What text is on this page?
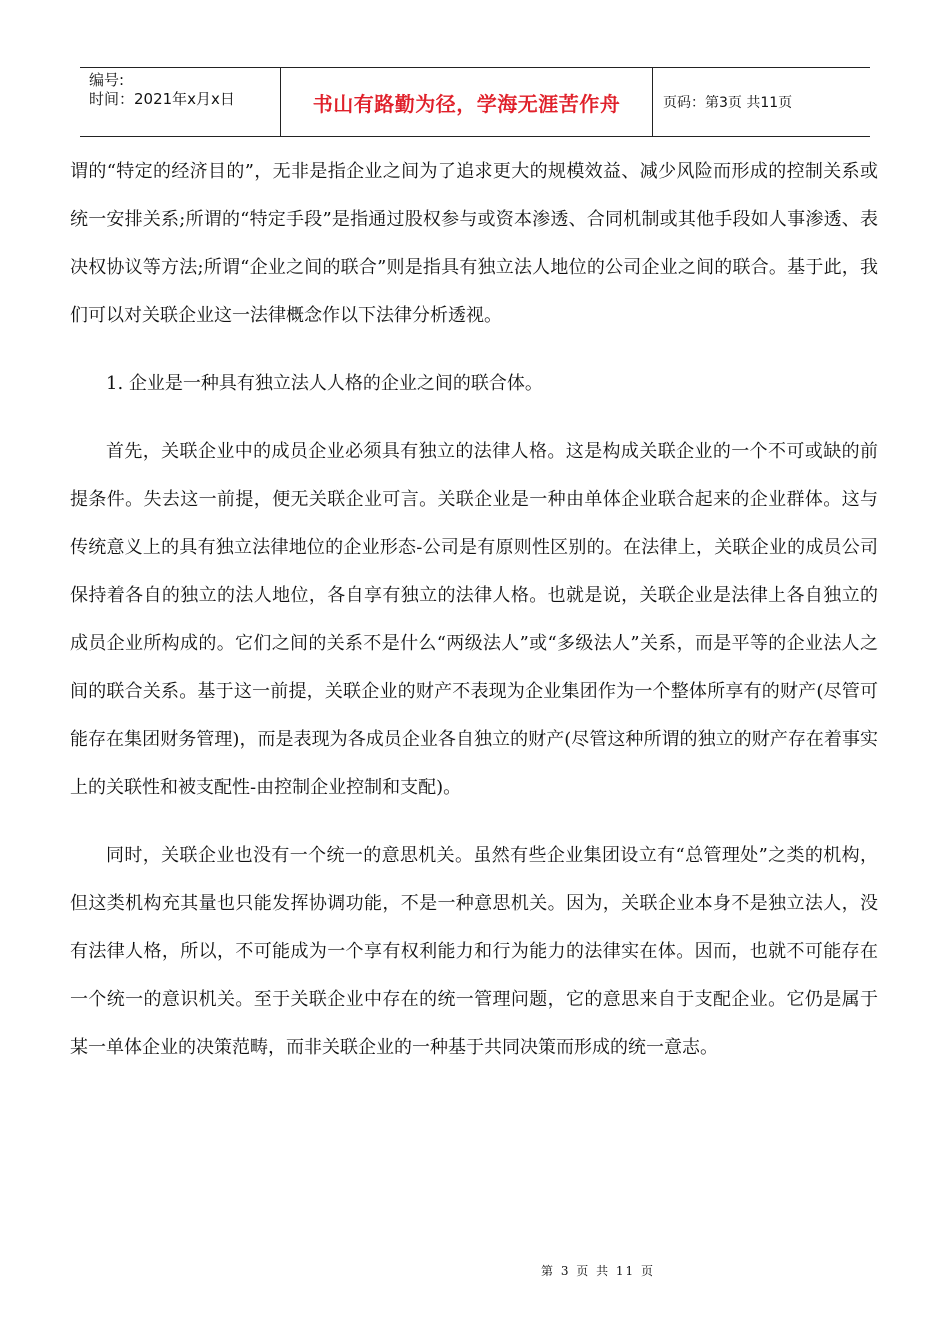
编号:
时间：2021年x月x日	书山有路勤为径，学海无涯苦作舟	页码：第3页 共11页

谓的“特定的经济目的”，无非是指企业之间为了追求更大的规模效益、减少风险而形成的控制关系或统一安排关系;所谓的“特定手段”是指通过股权参与或资本渗透、合同机制或其他手段如人事渗透、表决权协议等方法;所谓“企业之间的联合”则是指具有独立法人地位的公司企业之间的联合。基于此，我们可以对关联企业这一法律概念作以下法律分析透视。

1. 企业是一种具有独立法人人格的企业之间的联合体。

首先，关联企业中的成员企业必须具有独立的法律人格。这是构成关联企业的一个不可或缺的前提条件。失去这一前提，便无关联企业可言。关联企业是一种由单体企业联合起来的企业群体。这与传统意义上的具有独立法律地位的企业形态-公司是有原则性区别的。在法律上，关联企业的成员公司保持着各自的独立的法人地位，各自享有独立的法律人格。也就是说，关联企业是法律上各自独立的成员企业所构成的。它们之间的关系不是什么“两级法人”或“多级法人”关系，而是平等的企业法人之间的联合关系。基于这一前提，关联企业的财产不表现为企业集团作为一个整体所享有的财产(尽管可能存在集团财务管理)，而是表现为各成员企业各自独立的财产(尽管这种所谓的独立的财产存在着事实上的关联性和被支配性-由控制企业控制和支配)。

同时，关联企业也没有一个统一的意思机关。虽然有些企业集团设立有“总管理处”之类的机构，但这类机构充其量也只能发挥协调功能，不是一种意思机关。因为，关联企业本身不是独立法人，没有法律人格，所以，不可能成为一个享有权利能力和行为能力的法律实在体。因而，也就不可能存在一个统一的意识机关。至于关联企业中存在的统一管理问题，它的意思来自于支配企业。它仍是属于某一单体企业的决策范畴，而非关联企业的一种基于共同决策而形成的统一意志。

第 3 页 共 11 页
